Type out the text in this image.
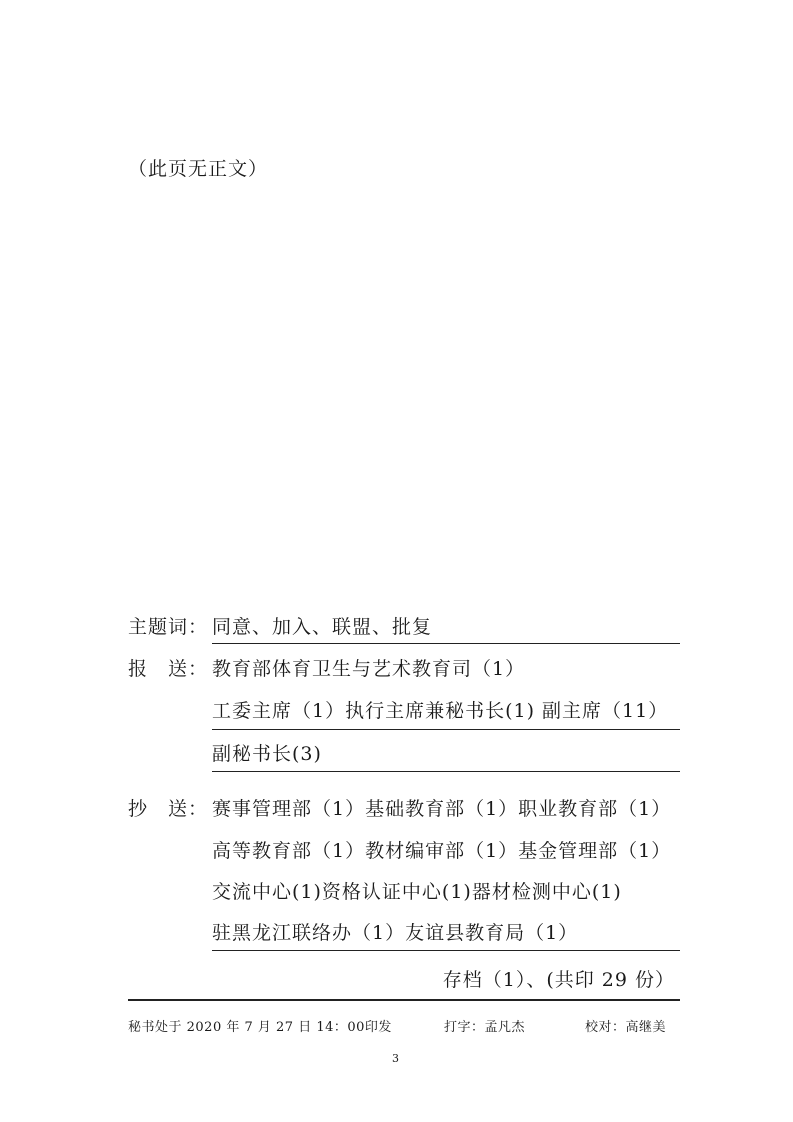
（此页无正文）
主题词： 同意、加入、联盟、批复
报　送： 教育部体育卫生与艺术教育司（1）
工委主席（1）执行主席兼秘书长(1) 副主席（11）
副秘书长(3)
抄　送： 赛事管理部（1）基础教育部（1）职业教育部（1）
高等教育部（1）教材编审部（1）基金管理部（1）
交流中心(1)资格认证中心(1)器材检测中心(1)
驻黑龙江联络办（1）友谊县教育局（1）
存档（1）、(共印 29 份）
秘书处于 2020 年 7 月 27 日 14：00印发	打字：孟凡杰	校对：高继美
3
